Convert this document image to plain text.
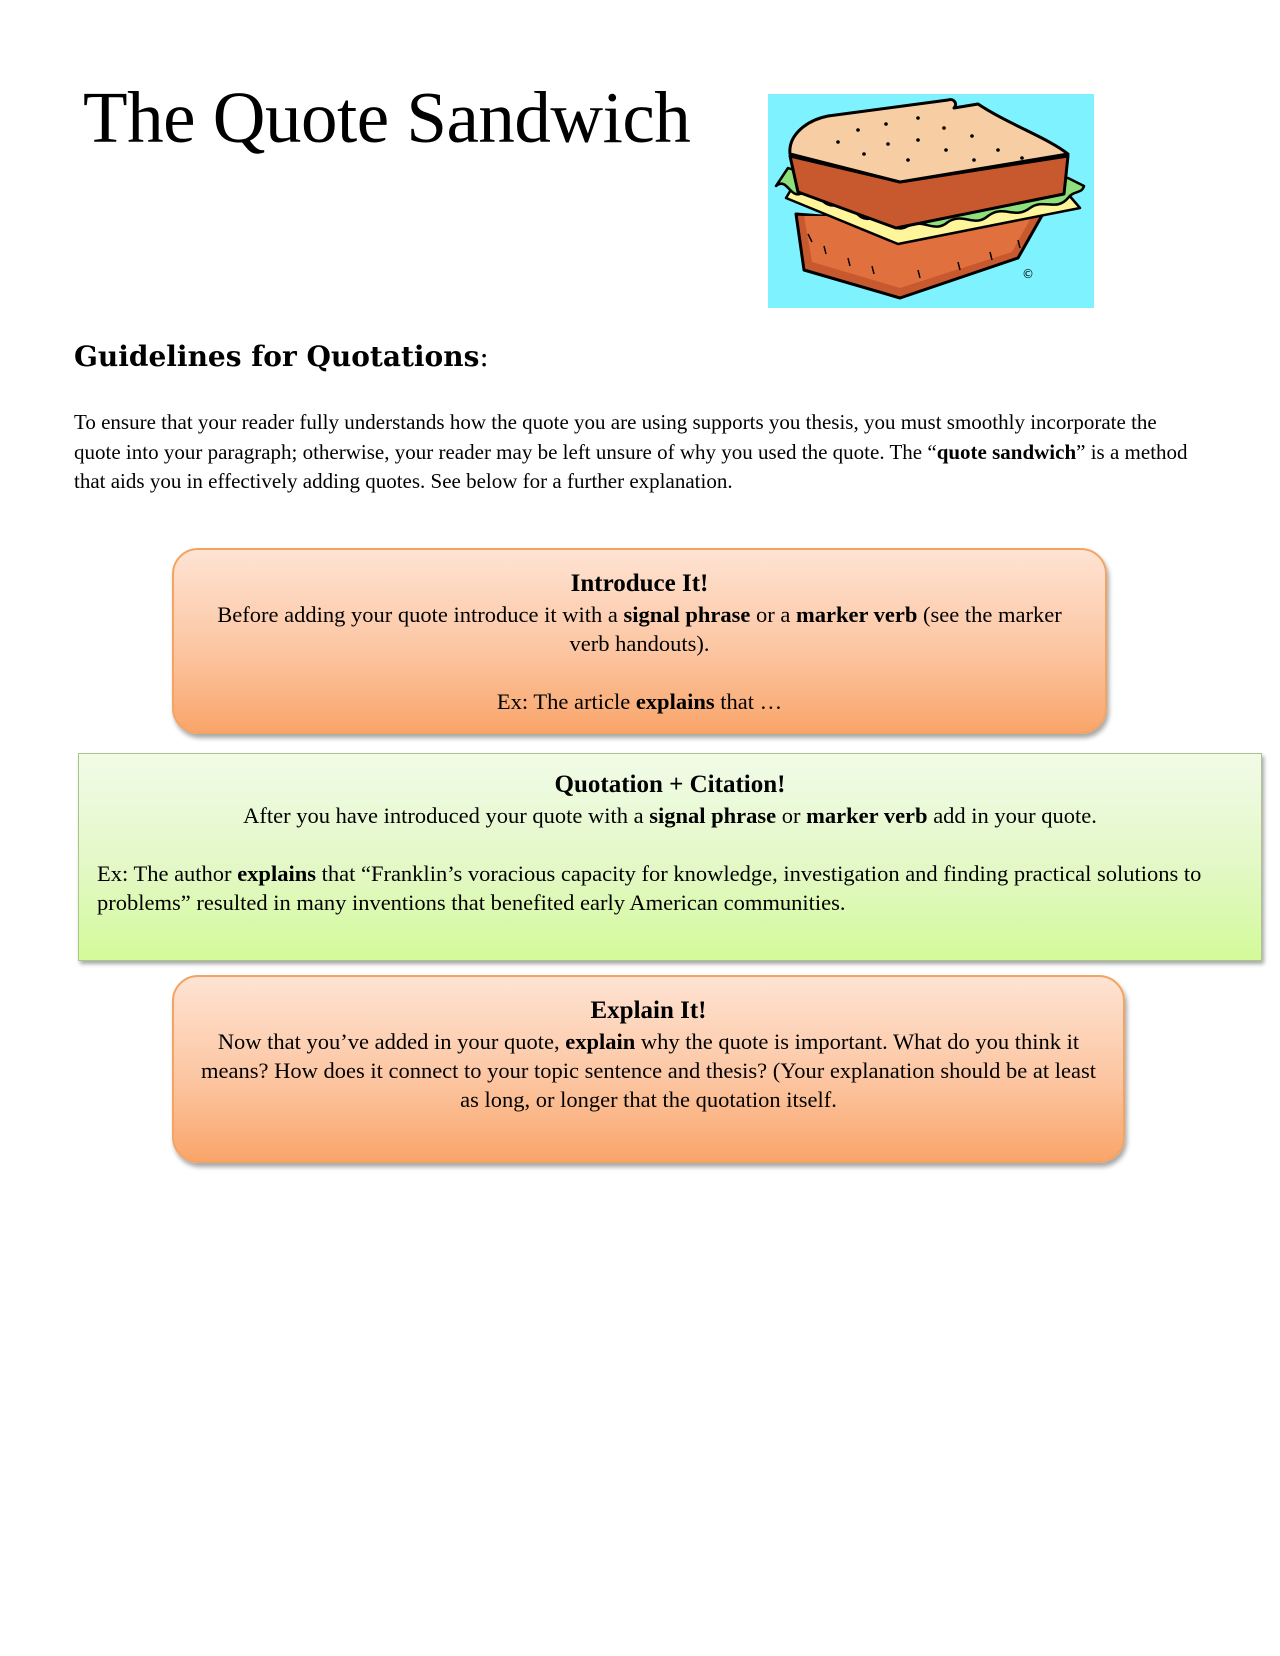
The Quote Sandwich
©
Guidelines for Quotations:
To ensure that your reader fully understands how the quote you are using supports you thesis, you must smoothly incorporate the quote into your paragraph; otherwise, your reader may be left unsure of why you used the quote. The “quote sandwich” is a method that aids you in effectively adding quotes. See below for a further explanation.
Introduce It!
Before adding your quote introduce it with a signal phrase or a marker verb (see the marker verb handouts).
Ex: The article explains that …
Quotation + Citation!
After you have introduced your quote with a signal phrase or marker verb add in your quote.
Ex: The author explains that “Franklin’s voracious capacity for knowledge, investigation and finding practical solutions to problems” resulted in many inventions that benefited early American communities.
Explain It!
Now that you’ve added in your quote, explain why the quote is important. What do you think it means? How does it connect to your topic sentence and thesis? (Your explanation should be at least as long, or longer that the quotation itself.
